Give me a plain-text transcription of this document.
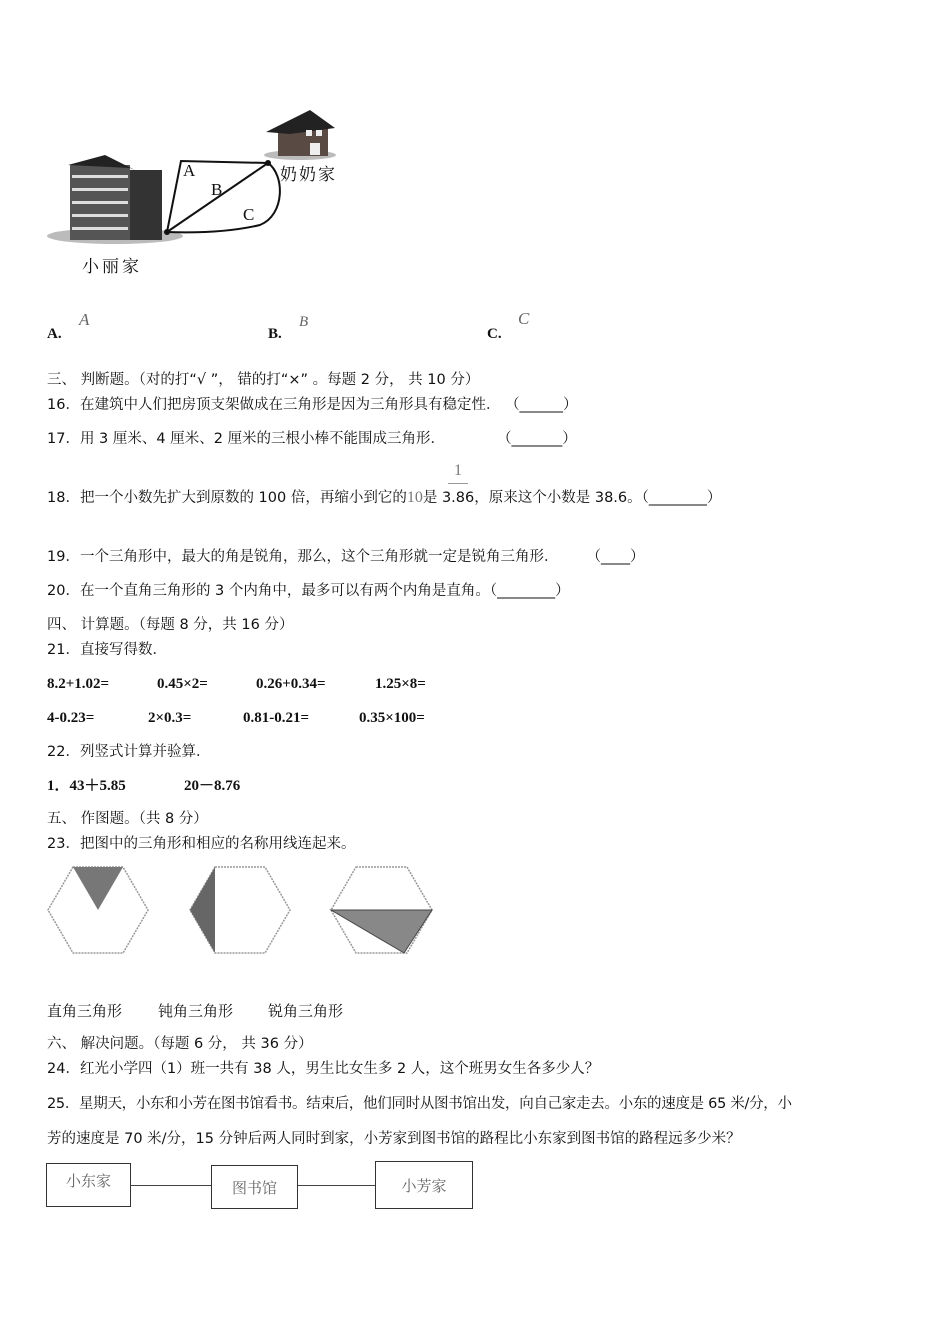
A
B
C
小丽家
奶奶家
A.
A
B.
B
C.
C
三、 判断题。（对的打“√ ”， 错的打“×” 。每题 2 分， 共 10 分）
16．在建筑中人们把房顶支架做成在三角形是因为三角形具有稳定性． （______）
17．用 3 厘米、4 厘米、2 厘米的三根小棒不能围成三角形．	（_______）
1
18．把一个小数先扩大到原数的 100 倍，再缩小到它的10是 3.86，原来这个小数是 38.6。（________）
19．一个三角形中，最大的角是锐角，那么，这个三角形就一定是锐角三角形． （____）
20．在一个直角三角形的 3 个内角中，最多可以有两个内角是直角。（________）
四、 计算题。（每题 8 分，共 16 分）
21．直接写得数．
8.2+1.02=	0.45×2=	0.26+0.34=	1.25×8=
4-0.23=	2×0.3=	0.81-0.21=	0.35×100=
22．列竖式计算并验算．
1．43＋5.85	20－8.76
五、 作图题。（共 8 分）
23．把图中的三角形和相应的名称用线连起来。
直角三角形 钝角三角形 锐角三角形
六、 解决问题。（每题 6 分， 共 36 分）
24．红光小学四（1）班一共有 38 人，男生比女生多 2 人，这个班男女生各多少人？
25．星期天，小东和小芳在图书馆看书。结束后，他们同时从图书馆出发，向自己家走去。小东的速度是 65 米/分，小
芳的速度是 70 米/分，15 分钟后两人同时到家，小芳家到图书馆的路程比小东家到图书馆的路程远多少米？
小东家	图书馆	小芳家
